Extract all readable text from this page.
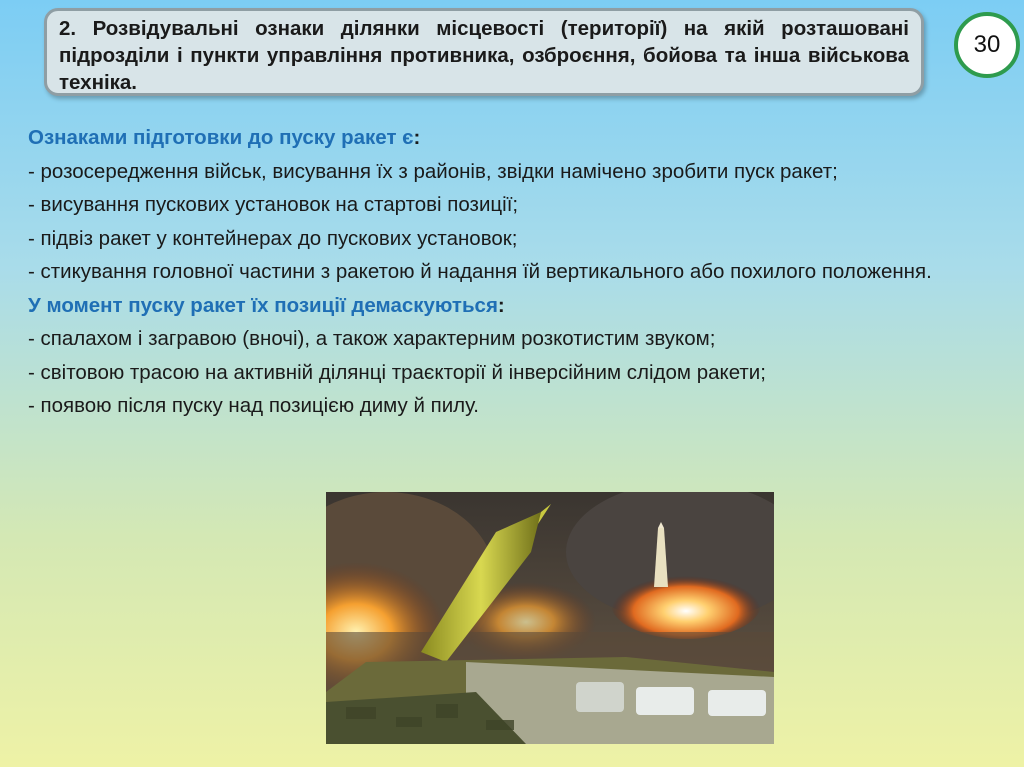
2. Розвідувальні ознаки ділянки місцевості (території) на якій розташовані підрозділи і пункти управління противника, озброєння, бойова та інша військова техніка.

30

Ознаками підготовки до пуску ракет є:

- розосередження військ, висування їх з районів, звідки намічено зробити пуск ракет;

- висування пускових установок на стартові позиції;

- підвіз ракет у контейнерах до пускових установок;

- стикування головної частини з ракетою й надання їй вертикального або похилого положення.

У момент пуску ракет їх позиції демаскуються:

- спалахом і загравою (вночі), а також характерним розкотистим звуком;

- світовою трасою на активній ділянці траєкторії й інверсійним слідом ракети;

- появою після пуску над позицією диму й пилу.
